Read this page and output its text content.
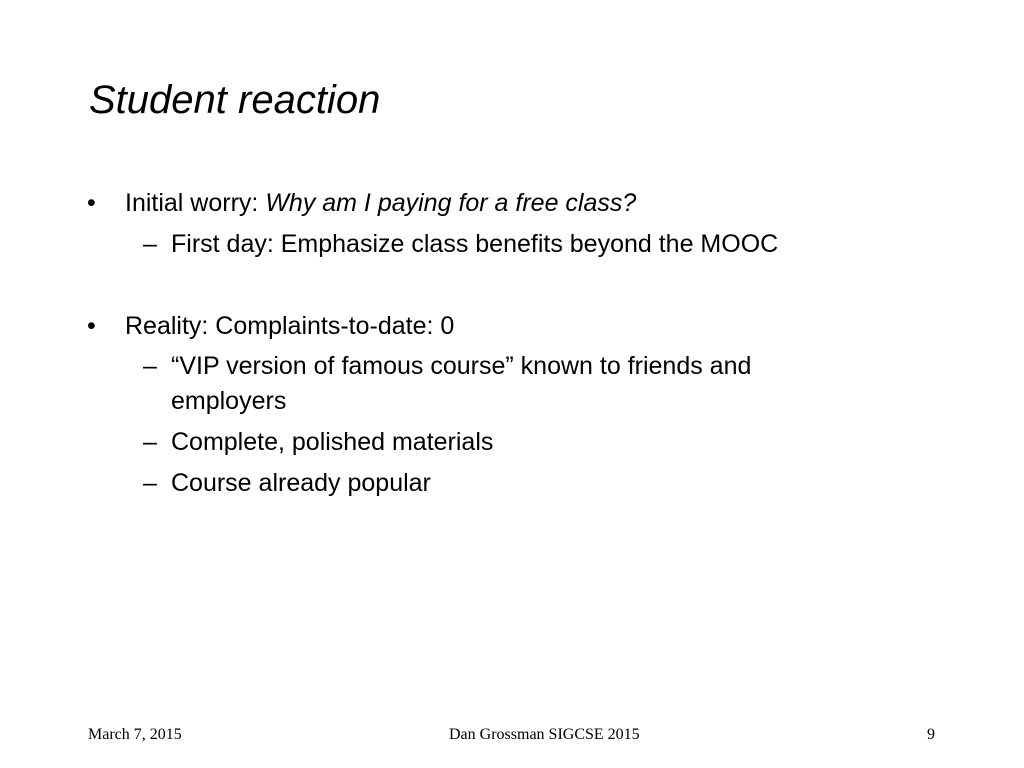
Student reaction
• Initial worry: Why am I paying for a free class?
– First day: Emphasize class benefits beyond the MOOC
• Reality: Complaints-to-date: 0
– “VIP version of famous course” known to friends and
employers
– Complete, polished materials
– Course already popular
March 7, 2015	Dan Grossman SIGCSE 2015	9
